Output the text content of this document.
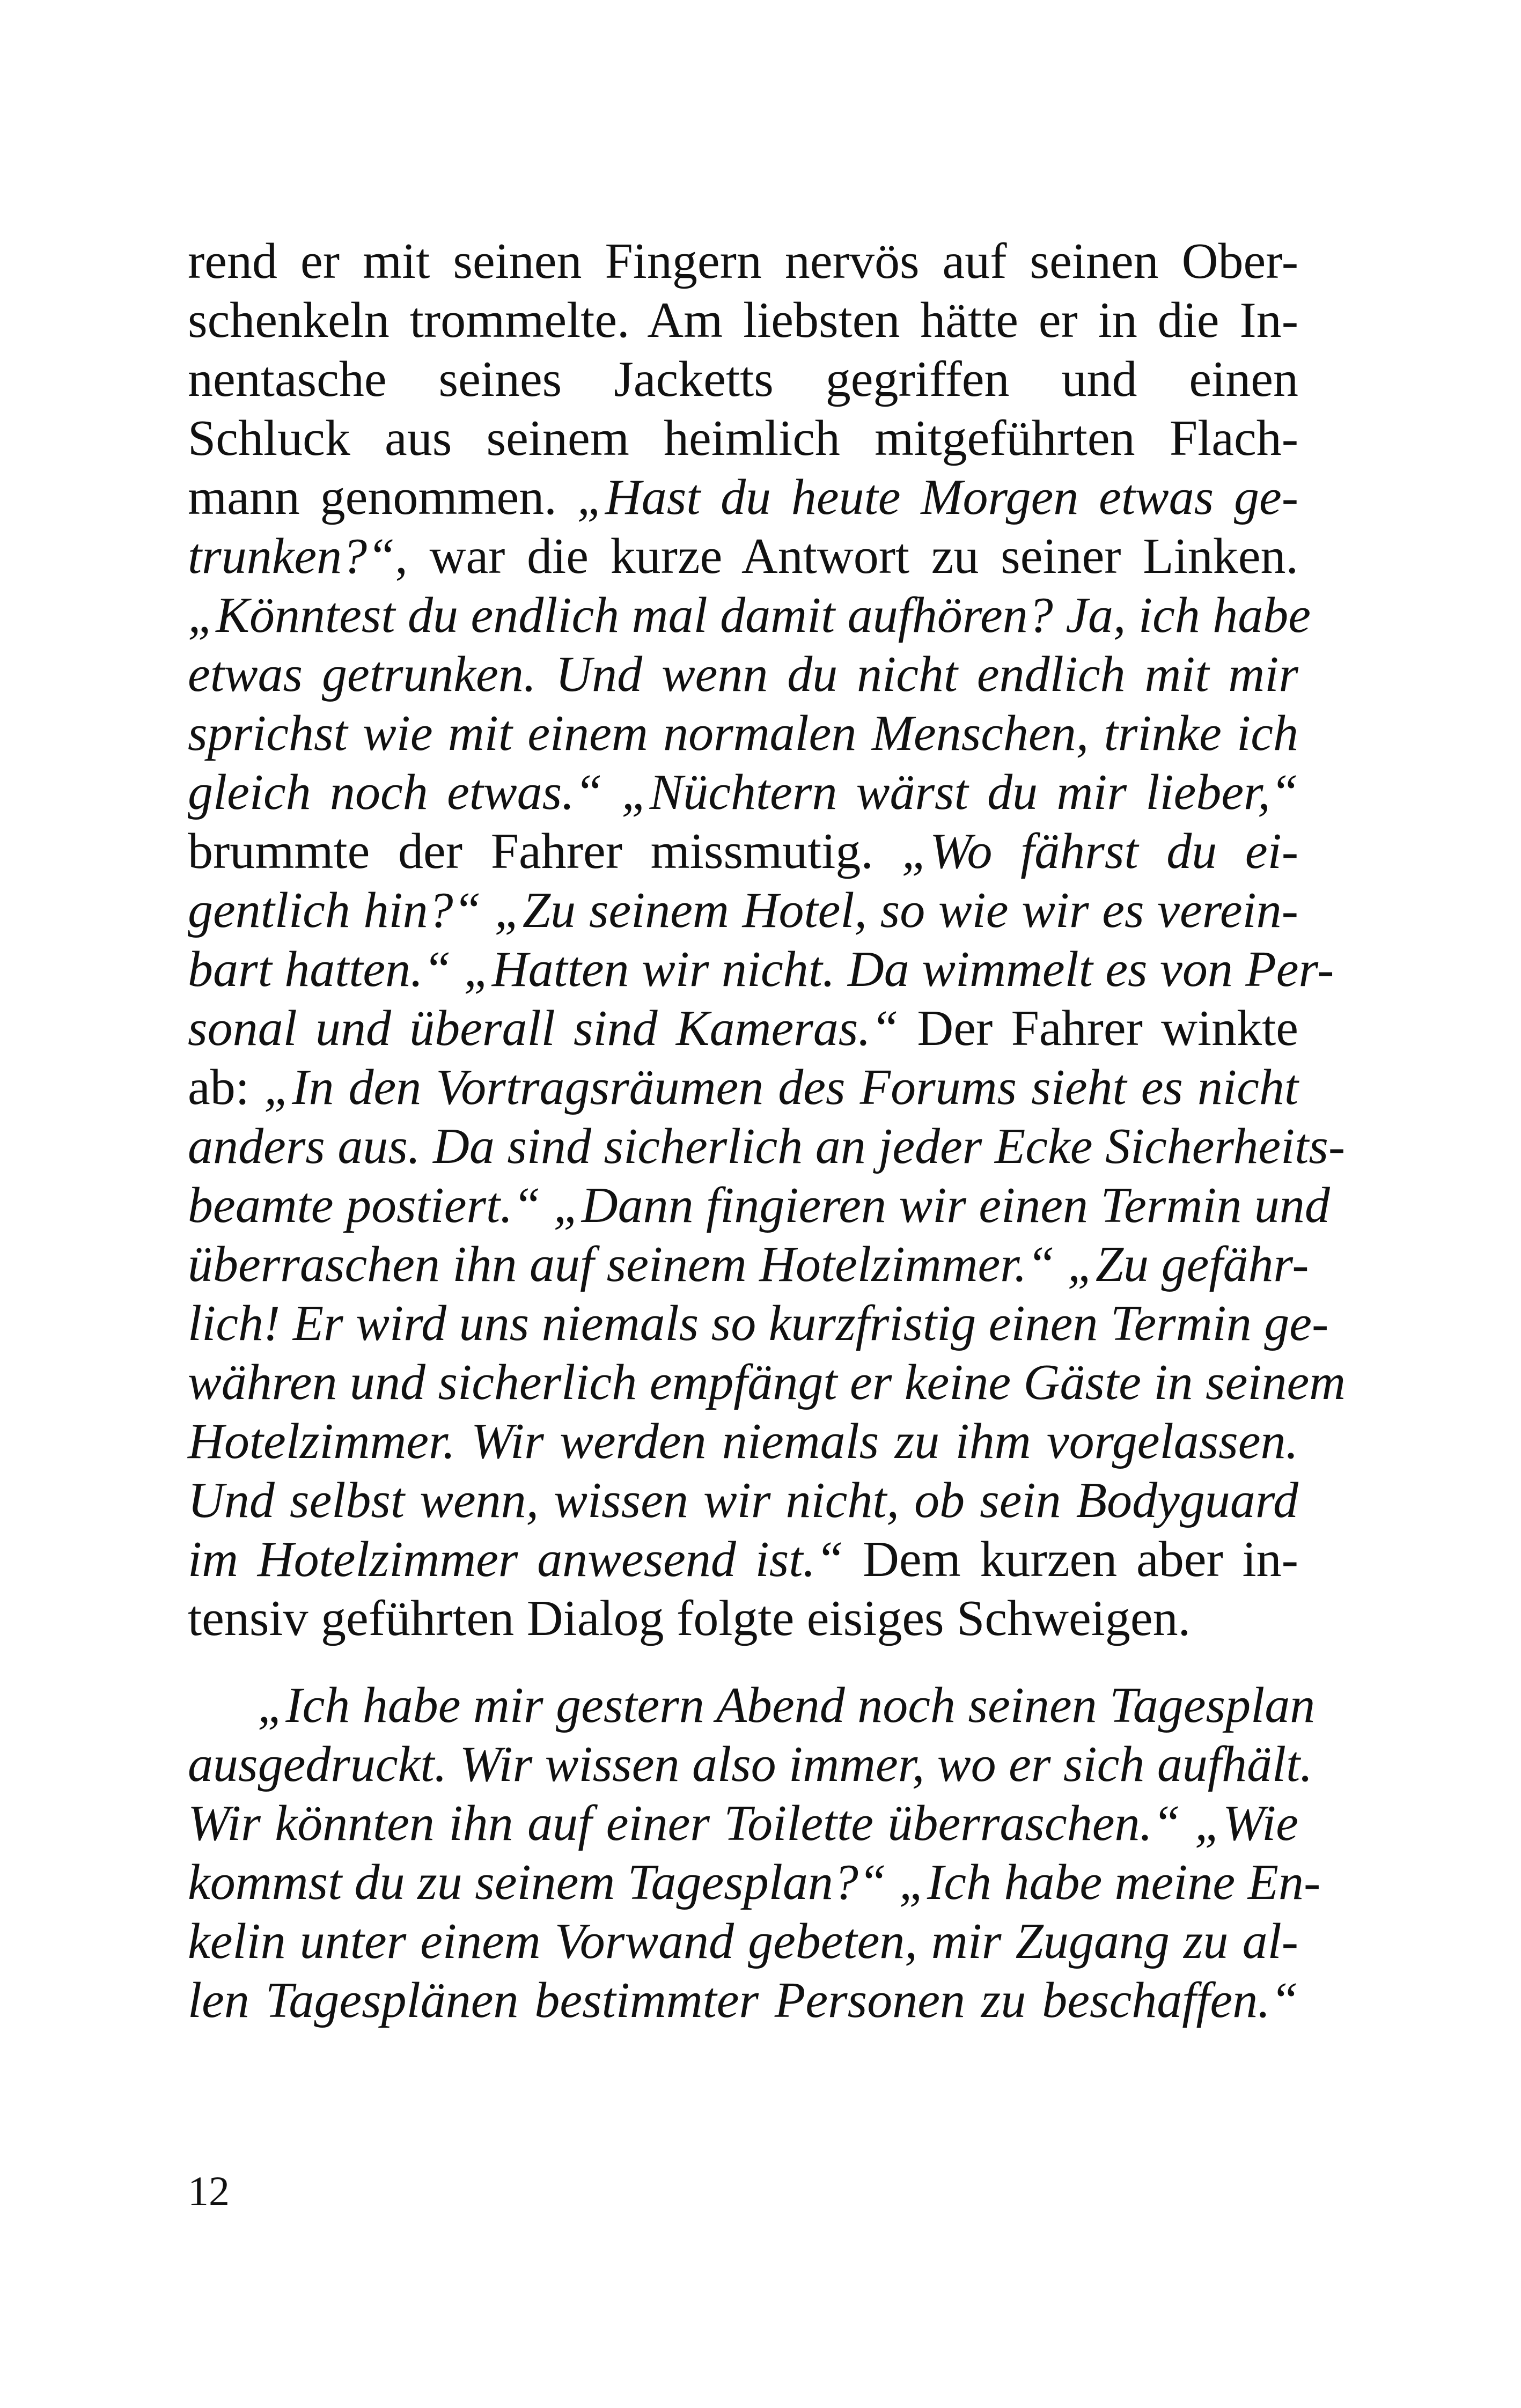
rend er mit seinen Fingern nervös auf seinen Ober-
schenkeln trommelte. Am liebsten hätte er in die In-
nentasche seines Jacketts gegriffen und einen
Schluck aus seinem heimlich mitgeführten Flach-
mann genommen. „Hast du heute Morgen etwas ge-
trunken?“, war die kurze Antwort zu seiner Linken.
„Könntest du endlich mal damit aufhören? Ja, ich habe
etwas getrunken. Und wenn du nicht endlich mit mir
sprichst wie mit einem normalen Menschen, trinke ich
gleich noch etwas.“ „Nüchtern wärst du mir lieber,“
brummte der Fahrer missmutig. „Wo fährst du ei-
gentlich hin?“ „Zu seinem Hotel, so wie wir es verein-
bart hatten.“ „Hatten wir nicht. Da wimmelt es von Per-
sonal und überall sind Kameras.“ Der Fahrer winkte
ab: „In den Vortragsräumen des Forums sieht es nicht
anders aus. Da sind sicherlich an jeder Ecke Sicherheits-
beamte postiert.“ „Dann fingieren wir einen Termin und
überraschen ihn auf seinem Hotelzimmer.“ „Zu gefähr-
lich! Er wird uns niemals so kurzfristig einen Termin ge-
währen und sicherlich empfängt er keine Gäste in seinem
Hotelzimmer. Wir werden niemals zu ihm vorgelassen.
Und selbst wenn, wissen wir nicht, ob sein Bodyguard
im Hotelzimmer anwesend ist.“ Dem kurzen aber in-
tensiv geführten Dialog folgte eisiges Schweigen.
„Ich habe mir gestern Abend noch seinen Tagesplan
ausgedruckt. Wir wissen also immer, wo er sich aufhält.
Wir könnten ihn auf einer Toilette überraschen.“ „Wie
kommst du zu seinem Tagesplan?“ „Ich habe meine En-
kelin unter einem Vorwand gebeten, mir Zugang zu al-
len Tagesplänen bestimmter Personen zu beschaffen.“
12
